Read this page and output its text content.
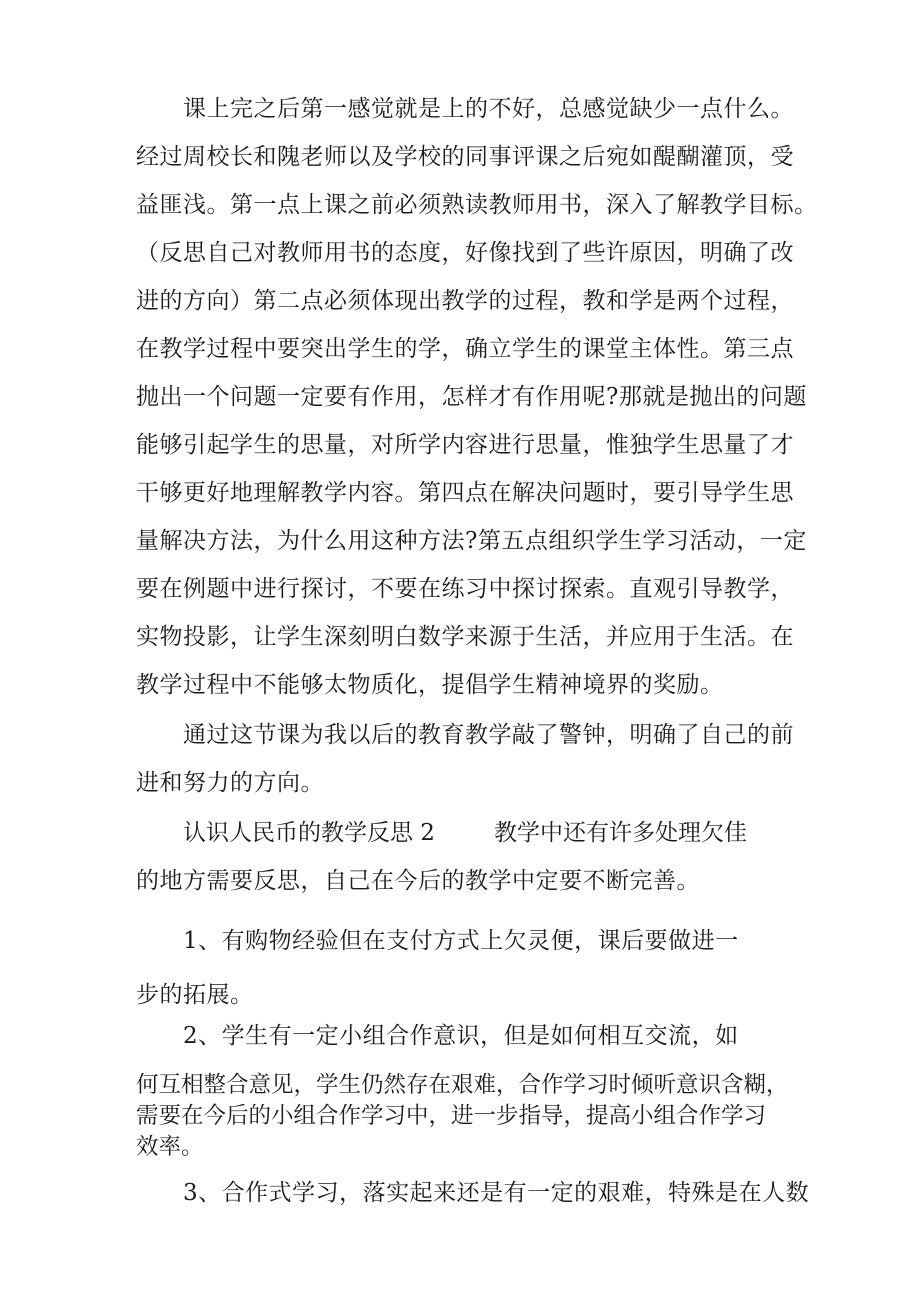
课上完之后第一感觉就是上的不好，总感觉缺少一点什么。
经过周校长和隗老师以及学校的同事评课之后宛如醍醐灌顶，受
益匪浅。第一点上课之前必须熟读教师用书，深入了解教学目标。
（反思自己对教师用书的态度，好像找到了些许原因，明确了改
进的方向）第二点必须体现出教学的过程，教和学是两个过程，
在教学过程中要突出学生的学，确立学生的课堂主体性。第三点
抛出一个问题一定要有作用，怎样才有作用呢?那就是抛出的问题
能够引起学生的思量，对所学内容进行思量，惟独学生思量了才
干够更好地理解教学内容。第四点在解决问题时，要引导学生思
量解决方法，为什么用这种方法?第五点组织学生学习活动，一定
要在例题中进行探讨，不要在练习中探讨探索。直观引导教学，
实物投影，让学生深刻明白数学来源于生活，并应用于生活。在
教学过程中不能够太物质化，提倡学生精神境界的奖励。
通过这节课为我以后的教育教学敲了警钟，明确了自己的前
进和努力的方向。
认识人民币的教学反思 2	教学中还有许多处理欠佳
的地方需要反思，自己在今后的教学中定要不断完善。
1、有购物经验但在支付方式上欠灵便，课后要做进一
步的拓展。
2、学生有一定小组合作意识，但是如何相互交流，如
何互相整合意见，学生仍然存在艰难，合作学习时倾听意识含糊，
需要在今后的小组合作学习中，进一步指导，提高小组合作学习
效率。
3、合作式学习，落实起来还是有一定的艰难，特殊是在人数
